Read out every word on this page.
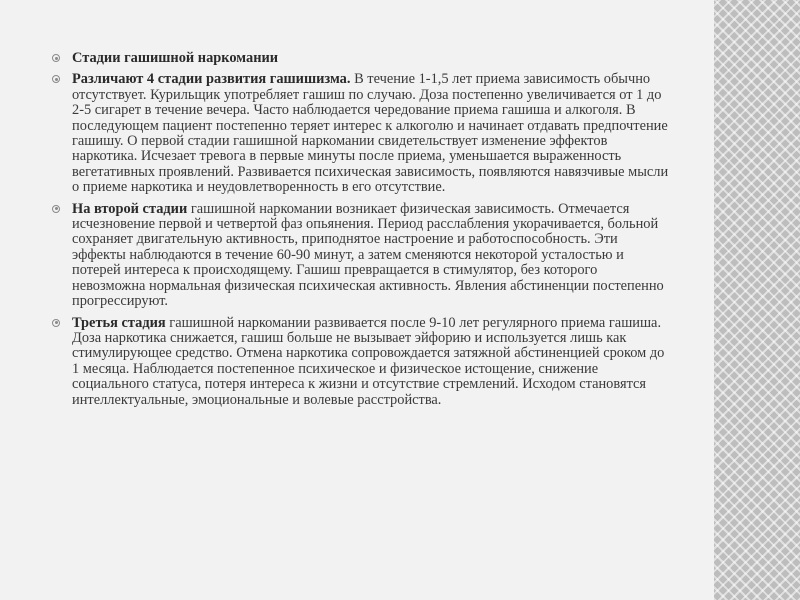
Стадии гашишной наркомании
Различают 4 стадии развития гашишизма. В течение 1-1,5 лет приема зависимость обычно отсутствует. Курильщик употребляет гашиш по случаю. Доза постепенно увеличивается от 1 до 2-5 сигарет в течение вечера. Часто наблюдается чередование приема гашиша и алкоголя. В последующем пациент постепенно теряет интерес к алкоголю и начинает отдавать предпочтение гашишу. О первой стадии гашишной наркомании свидетельствует изменение эффектов наркотика. Исчезает тревога в первые минуты после приема, уменьшается выраженность вегетативных проявлений. Развивается психическая зависимость, появляются навязчивые мысли о приеме наркотика и неудовлетворенность в его отсутствие.
На второй стадии гашишной наркомании возникает физическая зависимость. Отмечается исчезновение первой и четвертой фаз опьянения. Период расслабления укорачивается, больной сохраняет двигательную активность, приподнятое настроение и работоспособность. Эти эффекты наблюдаются в течение 60-90 минут, а затем сменяются некоторой усталостью и потерей интереса к происходящему. Гашиш превращается в стимулятор, без которого невозможна нормальная физическая психическая активность. Явления абстиненции постепенно прогрессируют.
Третья стадия гашишной наркомании развивается после 9-10 лет регулярного приема гашиша. Доза наркотика снижается, гашиш больше не вызывает эйфорию и используется лишь как стимулирующее средство. Отмена наркотика сопровождается затяжной абстиненцией сроком до 1 месяца. Наблюдается постепенное психическое и физическое истощение, снижение социального статуса, потеря интереса к жизни и отсутствие стремлений. Исходом становятся интеллектуальные, эмоциональные и волевые расстройства.
